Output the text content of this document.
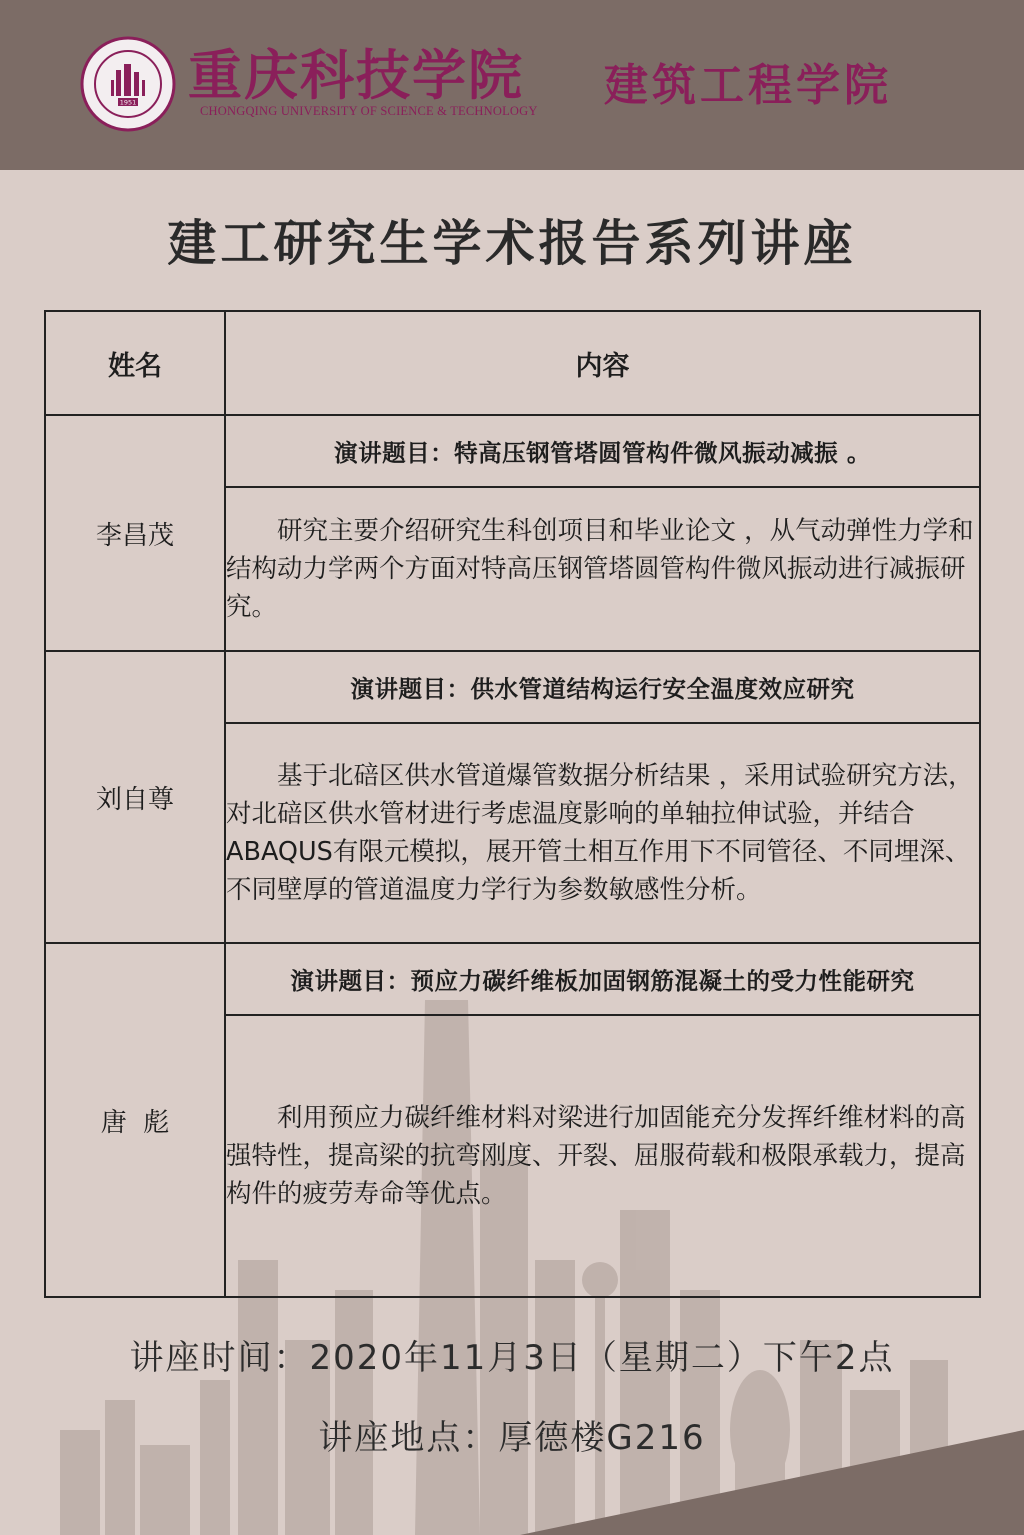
1951 重庆科技学院
CHONGQING UNIVERSITY OF SCIENCE & TECHNOLOGY	建筑工程学院
建工研究生学术报告系列讲座
姓名	内容
李昌茂	演讲题目：特高压钢管塔圆管构件微风振动减振 。
	研究主要介绍研究生科创项目和毕业论文 ，从气动弹性力学和结构动力学两个方面对特高压钢管塔圆管构件微风振动进行减振研究。
刘自尊	演讲题目：供水管道结构运行安全温度效应研究
	基于北碚区供水管道爆管数据分析结果 ，采用试验研究方法，对北碚区供水管材进行考虑温度影响的单轴拉伸试验，并结合ABAQUS有限元模拟，展开管土相互作用下不同管径、不同埋深、不同壁厚的管道温度力学行为参数敏感性分析。
唐  彪	演讲题目：预应力碳纤维板加固钢筋混凝土的受力性能研究
	利用预应力碳纤维材料对梁进行加固能充分发挥纤维材料的高强特性，提高梁的抗弯刚度、开裂、屈服荷载和极限承载力，提高构件的疲劳寿命等优点。
讲座时间：2020年11月3日（星期二）下午2点
讲座地点：厚德楼G216
